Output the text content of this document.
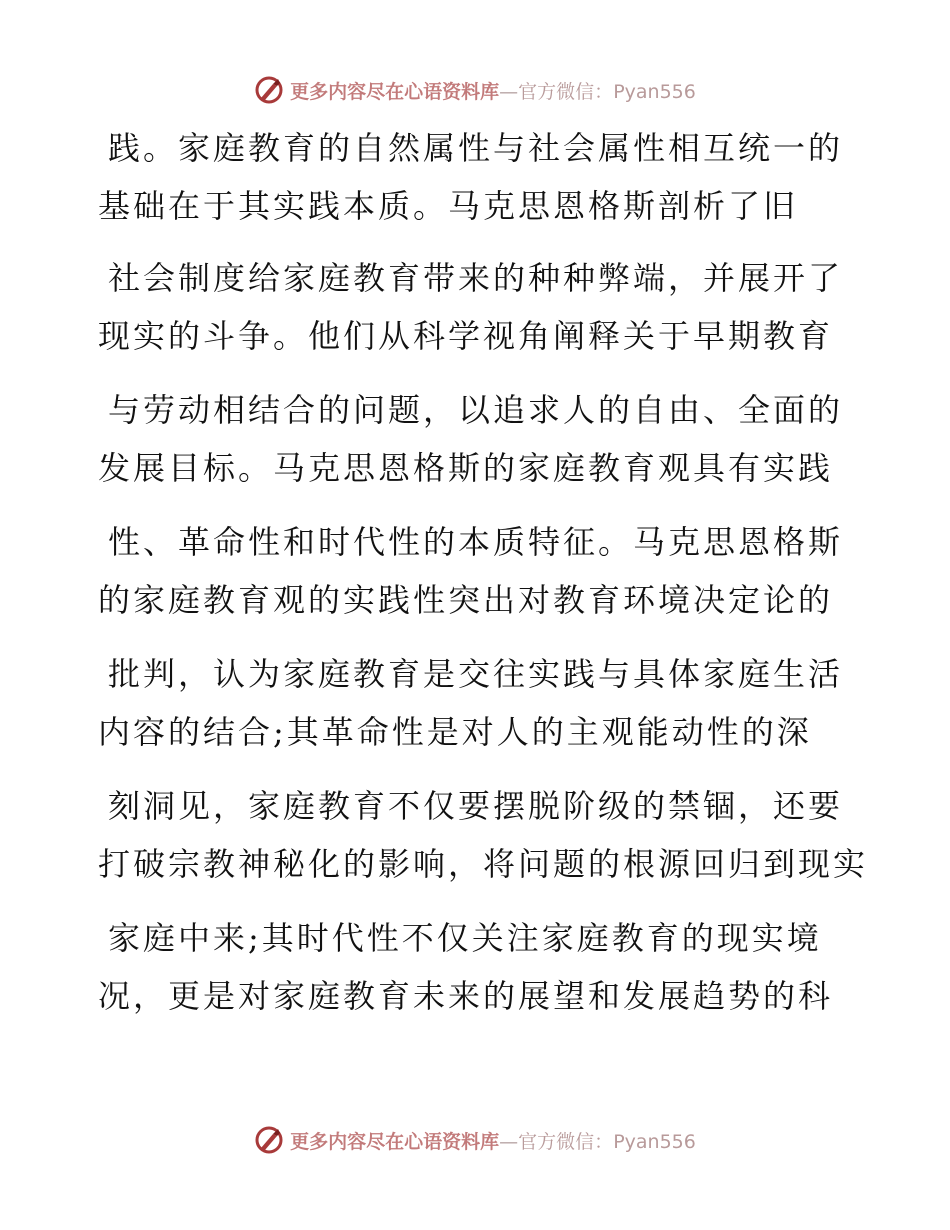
更多内容尽在心语资料库—官方微信：Pyan556
践。家庭教育的自然属性与社会属性相互统一的
基础在于其实践本质。马克思恩格斯剖析了旧
社会制度给家庭教育带来的种种弊端，并展开了
现实的斗争。他们从科学视角阐释关于早期教育
与劳动相结合的问题，以追求人的自由、全面的
发展目标。马克思恩格斯的家庭教育观具有实践
性、革命性和时代性的本质特征。马克思恩格斯
的家庭教育观的实践性突出对教育环境决定论的
批判，认为家庭教育是交往实践与具体家庭生活
内容的结合;其革命性是对人的主观能动性的深
刻洞见，家庭教育不仅要摆脱阶级的禁锢，还要
打破宗教神秘化的影响，将问题的根源回归到现实
家庭中来;其时代性不仅关注家庭教育的现实境
况，更是对家庭教育未来的展望和发展趋势的科
更多内容尽在心语资料库—官方微信：Pyan556
